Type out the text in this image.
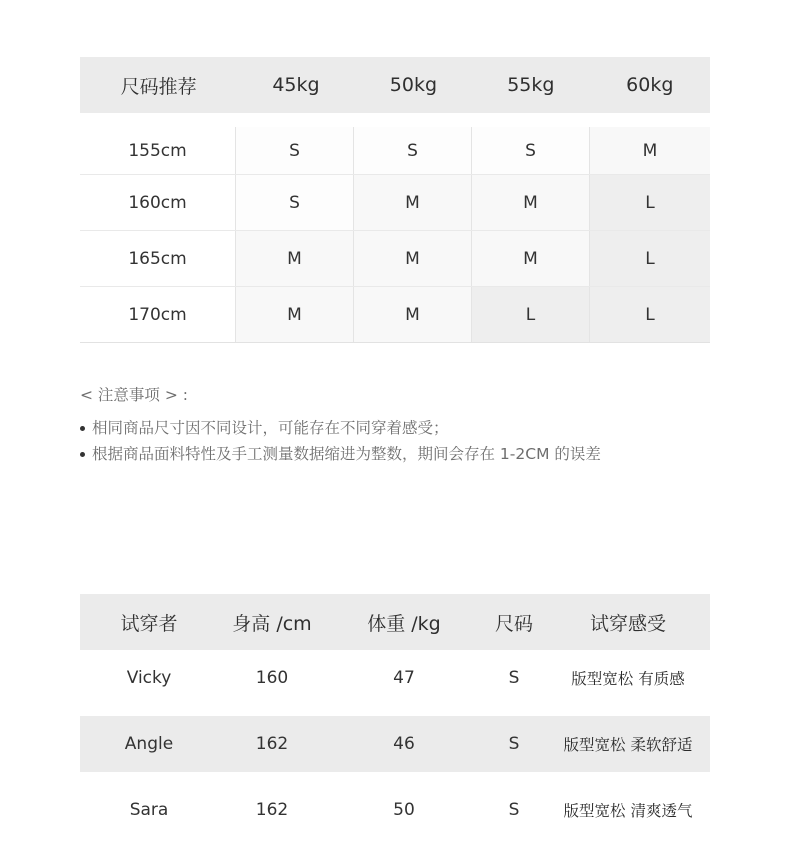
尺码推荐	45kg	50kg	55kg	60kg
155cm	S	S	S	M
160cm	S	M	M	L
165cm	M	M	M	L
170cm	M	M	L	L
< 注意事项 > :
相同商品尺寸因不同设计，可能存在不同穿着感受；
根据商品面料特性及手工测量数据缩进为整数，期间会存在 1-2CM 的误差
试穿者	身高 /cm	体重 /kg	尺码	试穿感受
Vicky	160	47	S	版型宽松 有质感
Angle	162	46	S	版型宽松 柔软舒适
Sara	162	50	S	版型宽松 清爽透气
